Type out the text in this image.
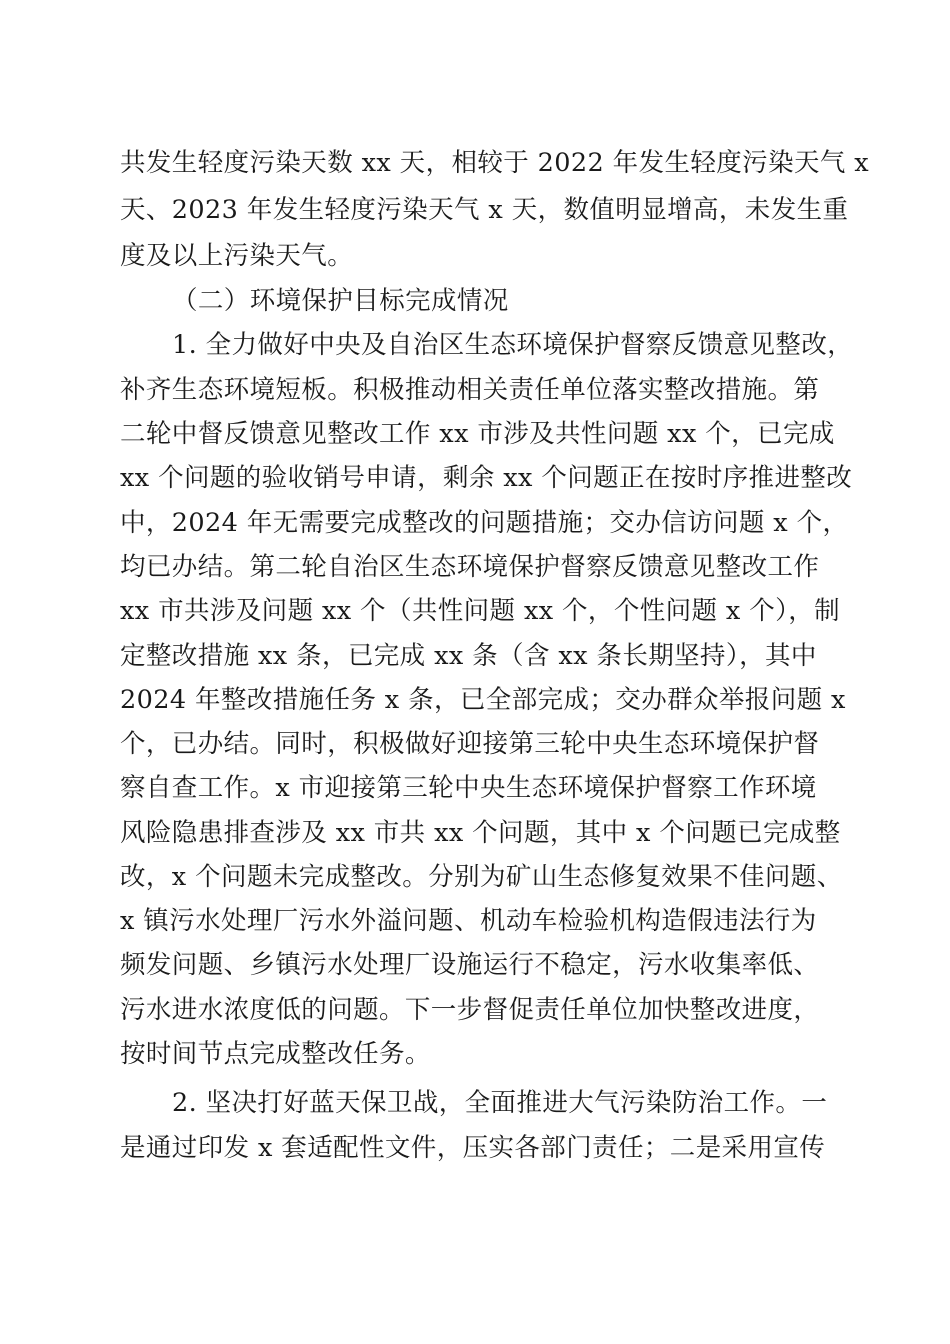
共发生轻度污染天数 xx 天，相较于 2022 年发生轻度污染天气 x
天、2023 年发生轻度污染天气 x 天，数值明显增高，未发生重
度及以上污染天气。
（二）环境保护目标完成情况
1. 全力做好中央及自治区生态环境保护督察反馈意见整改，
补齐生态环境短板。积极推动相关责任单位落实整改措施。第
二轮中督反馈意见整改工作 xx 市涉及共性问题 xx 个，已完成
xx 个问题的验收销号申请，剩余 xx 个问题正在按时序推进整改
中，2024 年无需要完成整改的问题措施；交办信访问题 x 个，
均已办结。第二轮自治区生态环境保护督察反馈意见整改工作
xx 市共涉及问题 xx 个（共性问题 xx 个，个性问题 x 个），制
定整改措施 xx 条，已完成 xx 条（含 xx 条长期坚持），其中
2024 年整改措施任务 x 条，已全部完成；交办群众举报问题 x
个，已办结。同时，积极做好迎接第三轮中央生态环境保护督
察自查工作。x 市迎接第三轮中央生态环境保护督察工作环境
风险隐患排查涉及 xx 市共 xx 个问题，其中 x 个问题已完成整
改，x 个问题未完成整改。分别为矿山生态修复效果不佳问题、
x 镇污水处理厂污水外溢问题、机动车检验机构造假违法行为
频发问题、乡镇污水处理厂设施运行不稳定，污水收集率低、
污水进水浓度低的问题。下一步督促责任单位加快整改进度，
按时间节点完成整改任务。
2. 坚决打好蓝天保卫战，全面推进大气污染防治工作。一
是通过印发 x 套适配性文件，压实各部门责任；二是采用宣传
